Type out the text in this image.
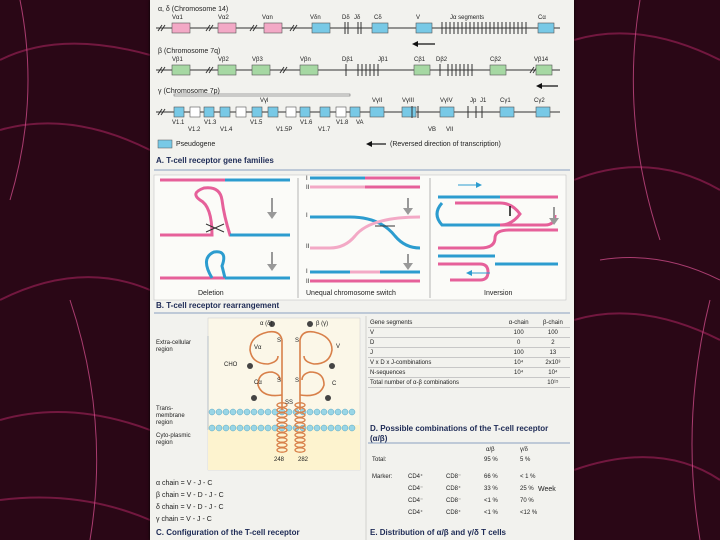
α, δ (Chromosome 14)
β (Chromosome 7q)
γ (Chromosome 7p)
Pseudogene	(Reversed direction of transcription)
A. T-cell receptor gene families
I
II
I
II
I
II
Deletion	Unequal chromosome switch	Inversion
B. T-cell receptor rearrangement
Extra-cellular region
Trans-membrane region
Cyto-plasmic region
α (δ)	β (γ)
Vα	V
Cα	C
CHO
S S
S S
SS
248 282
α chain = V - J - C
β chain = V - D - J - C
δ chain = V - D - J - C
γ chain = V - J - C
C. Configuration of the T-cell receptor
Gene segments	α-chain	β-chain
V	100	100
D	0	2
J	100	13
V x D x J-combinations	10⁴	2x10³
N-sequences	10⁴	10⁴
Total number of α-β combinations		10¹⁵
D. Possible combinations of the T-cell receptor (α/β)
α/β	γ/δ
Total:	95 %	5 %
Marker:	CD4⁺	CD8⁻	66 %	< 1 %
CD4⁻	CD8⁺	33 %	25 %
CD4⁻	CD8⁻	<1 %	70 %
CD4⁺	CD8⁺	<1 %	<12 %
Week
E. Distribution of α/β and γ/δ T cells
Vα1	Vα2	Vαn	Vδn	Dδ Jδ Cδ	V	Jα segments	Cα
Vβ1	Vβ2	Vβ3	Vβn	Dβ1	Jβ1	Cβ1 Dβ2	Cβ2	Vβ14
Vγl	VγII	VγIII	VγIV	Jp J1 Cγ1	Cγ2
V1.1
V1.2
V1.3
V1.4
V1.5
V1.5P
V1.6
V1.7
V1.8 VA
VB VII
